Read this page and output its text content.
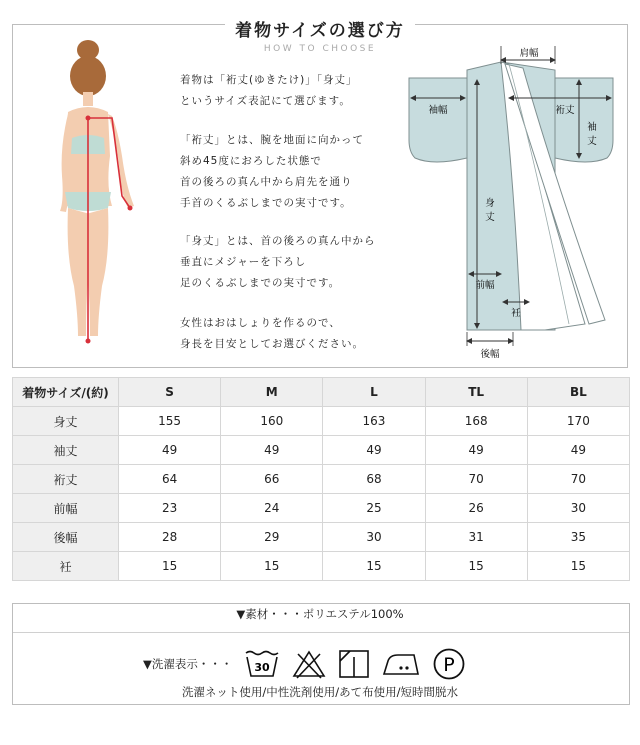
着物サイズの選び方
HOW TO CHOOSE

着物は「裄丈(ゆきたけ)」「身丈」

というサイズ表記にて選びます。

「裄丈」とは、腕を地面に向かって

斜め45度におろした状態で

首の後ろの真ん中から肩先を通り

手首のくるぶしまでの実寸です。

「身丈」とは、首の後ろの真ん中から

垂直にメジャーを下ろし

足のくるぶしまでの実寸です。

女性はおはしょりを作るので、

身長を目安としてお選びください。

肩幅
袖幅	裄丈
袖
丈
身
丈
前幅
衽
後幅
着物サイズ/(約)	S	M	L	TL	BL
身丈	155	160	163	168	170
袖丈	49	49	49	49	49
裄丈	64	66	68	70	70
前幅	23	24	25	26	30
後幅	28	29	30	31	35
衽	15	15	15	15	15
▼素材・・・ポリエステル100%
▼洗濯表示・・・ 30	P
洗濯ネット使用/中性洗剤使用/あて布使用/短時間脱水
